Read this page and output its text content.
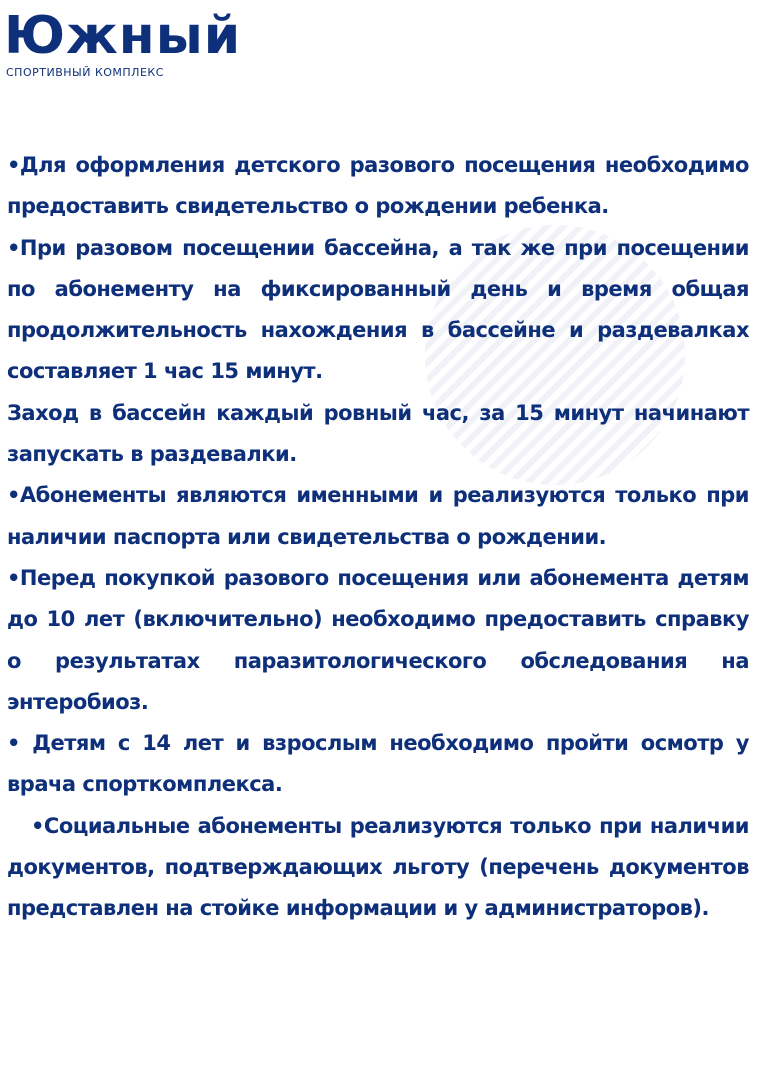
Южный
СПОРТИВНЫЙ КОМПЛЕКС

•Для оформления детского разового посещения необходимо предоставить свидетельство о рождении ребенка.

•При разовом посещении бассейна, а так же при посещении по абонементу на фиксированный день и время общая продолжительность нахождения в бассейне и раздевалках составляет 1 час 15 минут.

Заход в бассейн каждый ровный час, за 15 минут начинают запускать в раздевалки.

•Абонементы являются именными и реализуются только при наличии паспорта или свидетельства о рождении.

•Перед покупкой разового посещения или абонемента детям до 10 лет (включительно) необходимо предоставить справку о результатах паразитологического обследования на энтеробиоз.

• Детям с 14 лет и взрослым необходимо пройти осмотр у врача спорткомплекса.

•Социальные абонементы реализуются только при наличии документов, подтверждающих льготу (перечень документов представлен на стойке информации и у администраторов).
